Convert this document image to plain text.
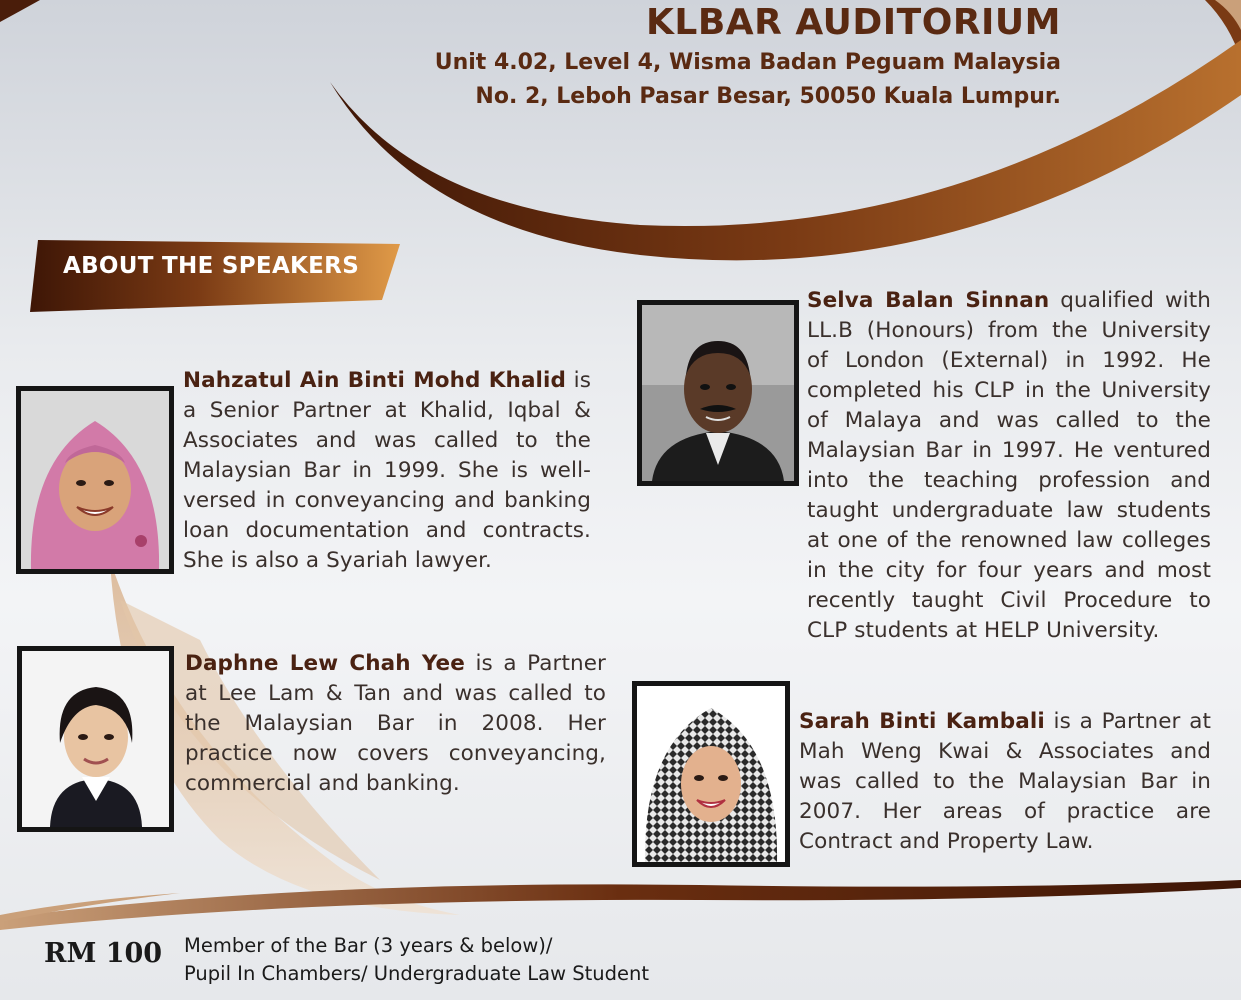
KLBAR AUDITORIUM
Unit 4.02, Level 4, Wisma Badan Peguam Malaysia
No. 2, Leboh Pasar Besar, 50050 Kuala Lumpur.
ABOUT THE SPEAKERS
Nahzatul Ain Binti Mohd Khalid is a Senior Partner at Khalid, Iqbal & Associates and was called to the Malaysian Bar in 1999. She is well-versed in conveyancing and banking loan documentation and contracts. She is also a Syariah lawyer.
Daphne Lew Chah Yee is a Partner at Lee Lam & Tan and was called to the Malaysian Bar in 2008. Her practice now covers conveyancing, commercial and banking.
Selva Balan Sinnan qualified with LL.B (Honours) from the University of London (External) in 1992. He completed his CLP in the University of Malaya and was called to the Malaysian Bar in 1997. He ventured into the teaching profession and taught undergraduate law students at one of the renowned law colleges in the city for four years and most recently taught Civil Procedure to CLP students at HELP University.
Sarah Binti Kambali is a Partner at Mah Weng Kwai & Associates and was called to the Malaysian Bar in 2007. Her areas of practice are Contract and Property Law.
RM 100 Member of the Bar (3 years & below)/
Pupil In Chambers/ Undergraduate Law Student
